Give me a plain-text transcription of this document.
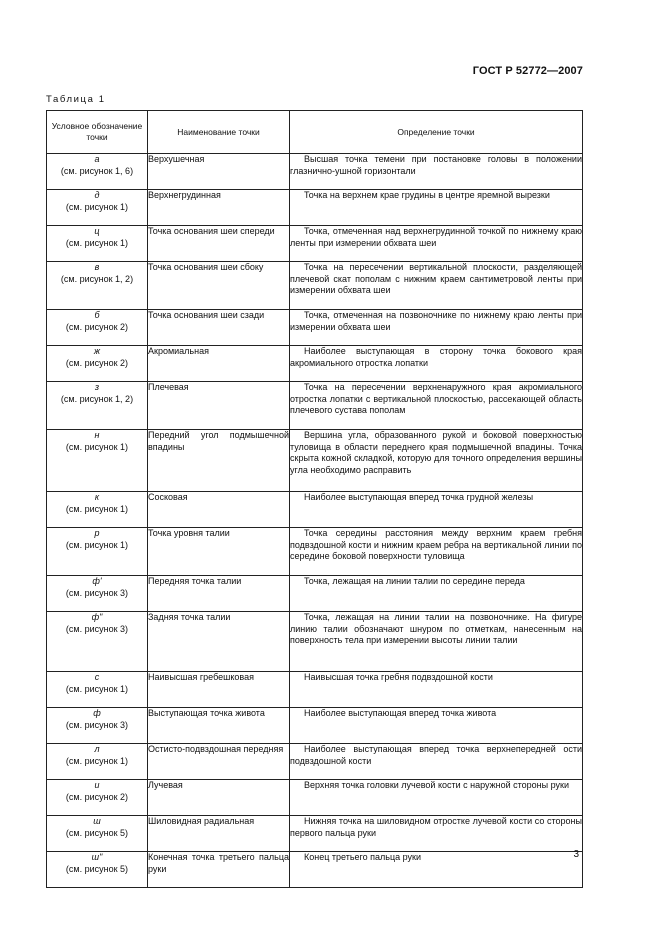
ГОСТ Р 52772—2007
Таблица 1
Условное обозначение точки	Наименование точки	Определение точки

а
(см. рисунок 1, 6)	Верхушечная	Высшая точка темени при постановке головы в положении глазнично-ушной горизонтали

д
(см. рисунок 1)	Верхнегрудинная	Точка на верхнем крае грудины в центре яремной вырезки

ц
(см. рисунок 1)	Точка основания шеи спереди	Точка, отмеченная над верхнегрудинной точкой по нижнему краю ленты при измерении обхвата шеи

в
(см. рисунок 1, 2)	Точка основания шеи сбоку	Точка на пересечении вертикальной плоскости, разделяющей плечевой скат пополам с нижним краем сантиметровой ленты при измерении обхвата шеи

б
(см. рисунок 2)	Точка основания шеи сзади	Точка, отмеченная на позвоночнике по нижнему краю ленты при измерении обхвата шеи

ж
(см. рисунок 2)	Акромиальная	Наиболее выступающая в сторону точка бокового края акромиального отростка лопатки

з
(см. рисунок 1, 2)	Плечевая	Точка на пересечении верхненаружного края акромиального отростка лопатки с вертикальной плоскостью, рассекающей область плечевого сустава пополам

н
(см. рисунок 1)	Передний угол подмышечной впадины	Вершина угла, образованного рукой и боковой поверхностью туловища в области переднего края подмышечной впадины. Точка скрыта кожной складкой, которую для точного определения вершины угла необходимо расправить

к
(см. рисунок 1)	Сосковая	Наиболее выступающая вперед точка грудной железы

р
(см. рисунок 1)	Точка уровня талии	Точка середины расстояния между верхним краем гребня подвздошной кости и нижним краем ребра на вертикальной линии по середине боковой поверхности туловища

ф'
(см. рисунок 3)	Передняя точка талии	Точка, лежащая на линии талии по середине переда

ф"
(см. рисунок 3)	Задняя точка талии	Точка, лежащая на линии талии на позвоночнике. На фигуре линию талии обозначают шнуром по отметкам, нанесенным на поверхность тела при измерении высоты линии талии

с
(см. рисунок 1)	Наивысшая гребешковая	Наивысшая точка гребня подвздошной кости

ф
(см. рисунок 3)	Выступающая точка живота	Наиболее выступающая вперед точка живота

л
(см. рисунок 1)	Остисто-подвздошная передняя	Наиболее выступающая вперед точка верхнепередней ости подвздошной кости

и
(см. рисунок 2)	Лучевая	Верхняя точка головки лучевой кости с наружной стороны руки

ш
(см. рисунок 5)	Шиловидная радиальная	Нижняя точка на шиловидном отростке лучевой кости со стороны первого пальца руки

ш"
(см. рисунок 5)	Конечная точка третьего пальца руки	Конец третьего пальца руки	3
